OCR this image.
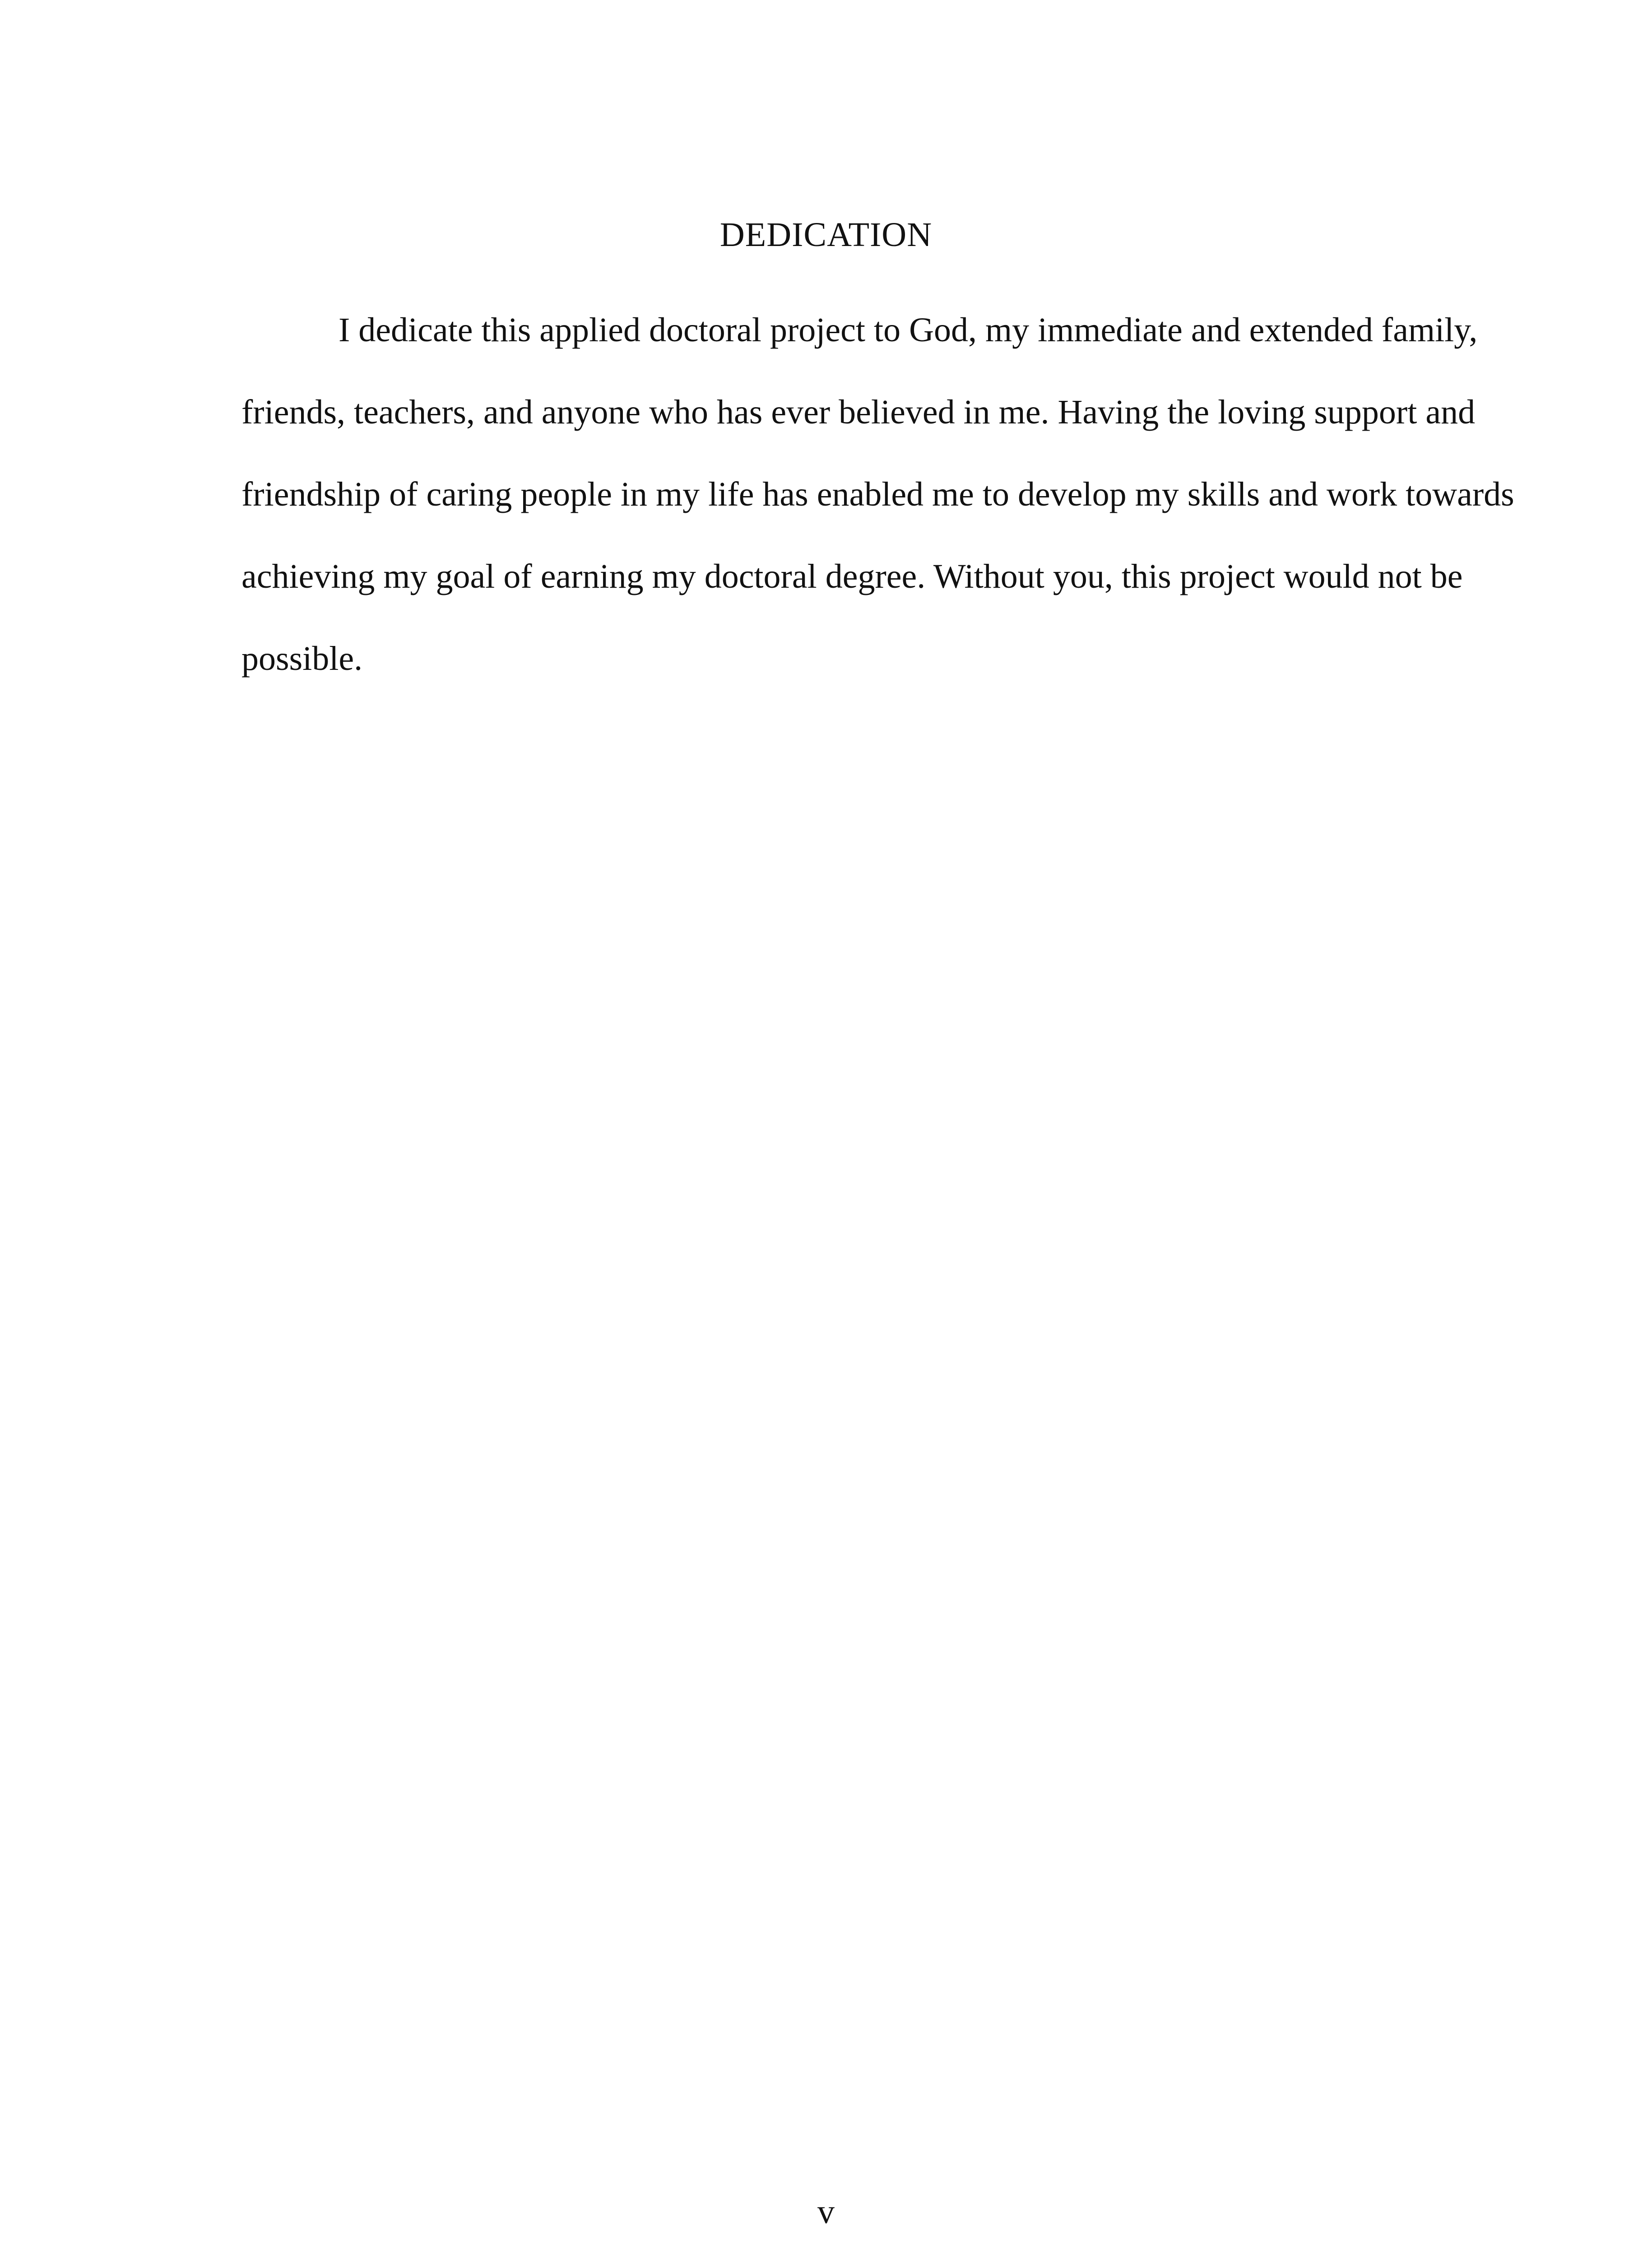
DEDICATION

I dedicate this applied doctoral project to God, my immediate and extended family,
friends, teachers, and anyone who has ever believed in me. Having the loving support and
friendship of caring people in my life has enabled me to develop my skills and work towards
achieving my goal of earning my doctoral degree. Without you, this project would not be
possible.

v
